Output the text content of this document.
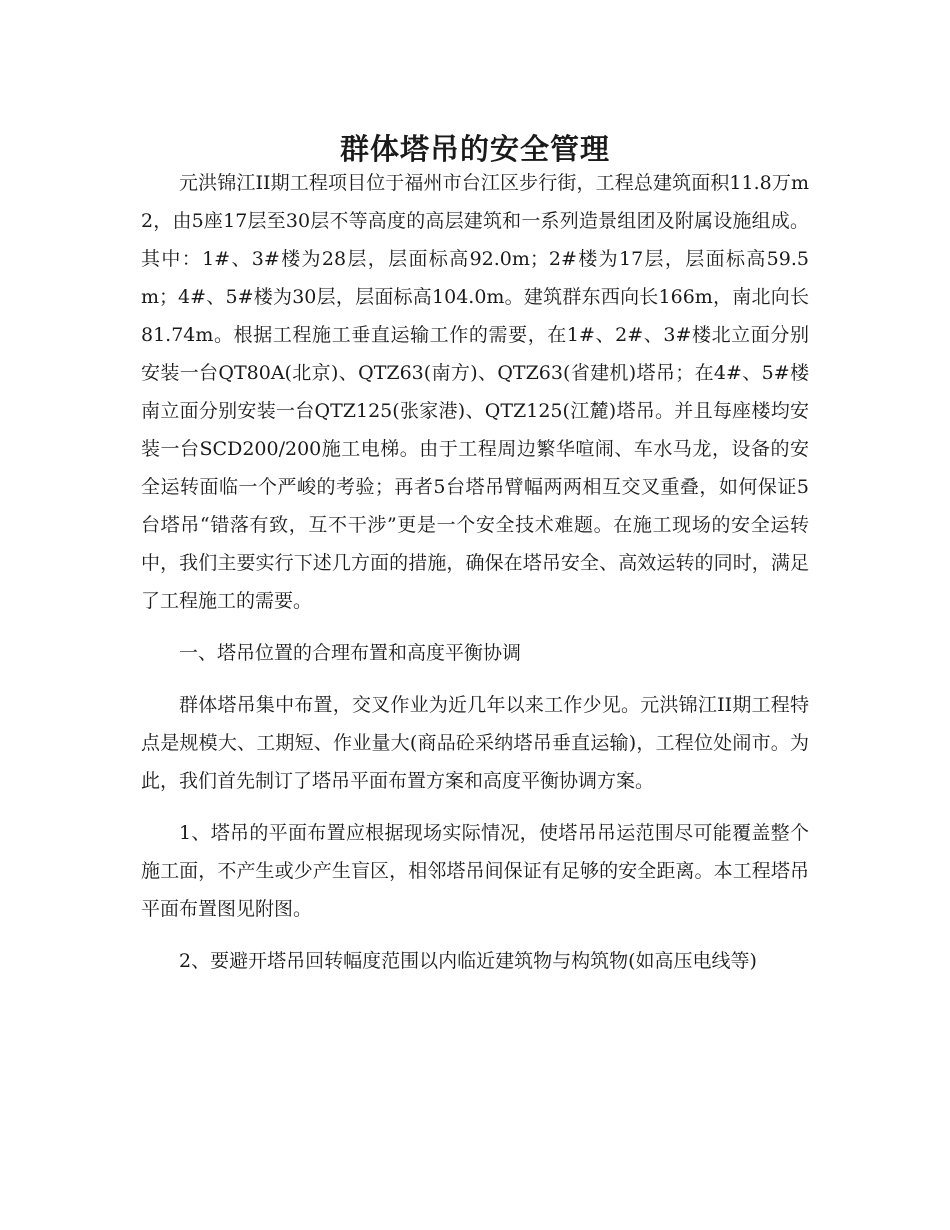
群体塔吊的安全管理

元洪锦江II期工程项目位于福州市台江区步行街，工程总建筑面积11.8万m2，由5座17层至30层不等高度的高层建筑和一系列造景组团及附属设施组成。其中：1#、3#楼为28层，层面标高92.0m；2#楼为17层，层面标高59.5m；4#、5#楼为30层，层面标高104.0m。建筑群东西向长166m，南北向长81.74m。根据工程施工垂直运输工作的需要，在1#、2#、3#楼北立面分别安装一台QT80A(北京)、QTZ63(南方)、QTZ63(省建机)塔吊；在4#、5#楼南立面分别安装一台QTZ125(张家港)、QTZ125(江麓)塔吊。并且每座楼均安装一台SCD200/200施工电梯。由于工程周边繁华喧闹、车水马龙，设备的安全运转面临一个严峻的考验；再者5台塔吊臂幅两两相互交叉重叠，如何保证5台塔吊“错落有致，互不干涉”更是一个安全技术难题。在施工现场的安全运转中，我们主要实行下述几方面的措施，确保在塔吊安全、高效运转的同时，满足了工程施工的需要。

一、塔吊位置的合理布置和高度平衡协调

群体塔吊集中布置，交叉作业为近几年以来工作少见。元洪锦江II期工程特点是规模大、工期短、作业量大(商品砼采纳塔吊垂直运输)，工程位处闹市。为此，我们首先制订了塔吊平面布置方案和高度平衡协调方案。

1、塔吊的平面布置应根据现场实际情况，使塔吊吊运范围尽可能覆盖整个施工面，不产生或少产生盲区，相邻塔吊间保证有足够的安全距离。本工程塔吊平面布置图见附图。

2、要避开塔吊回转幅度范围以内临近建筑物与构筑物(如高压电线等)
